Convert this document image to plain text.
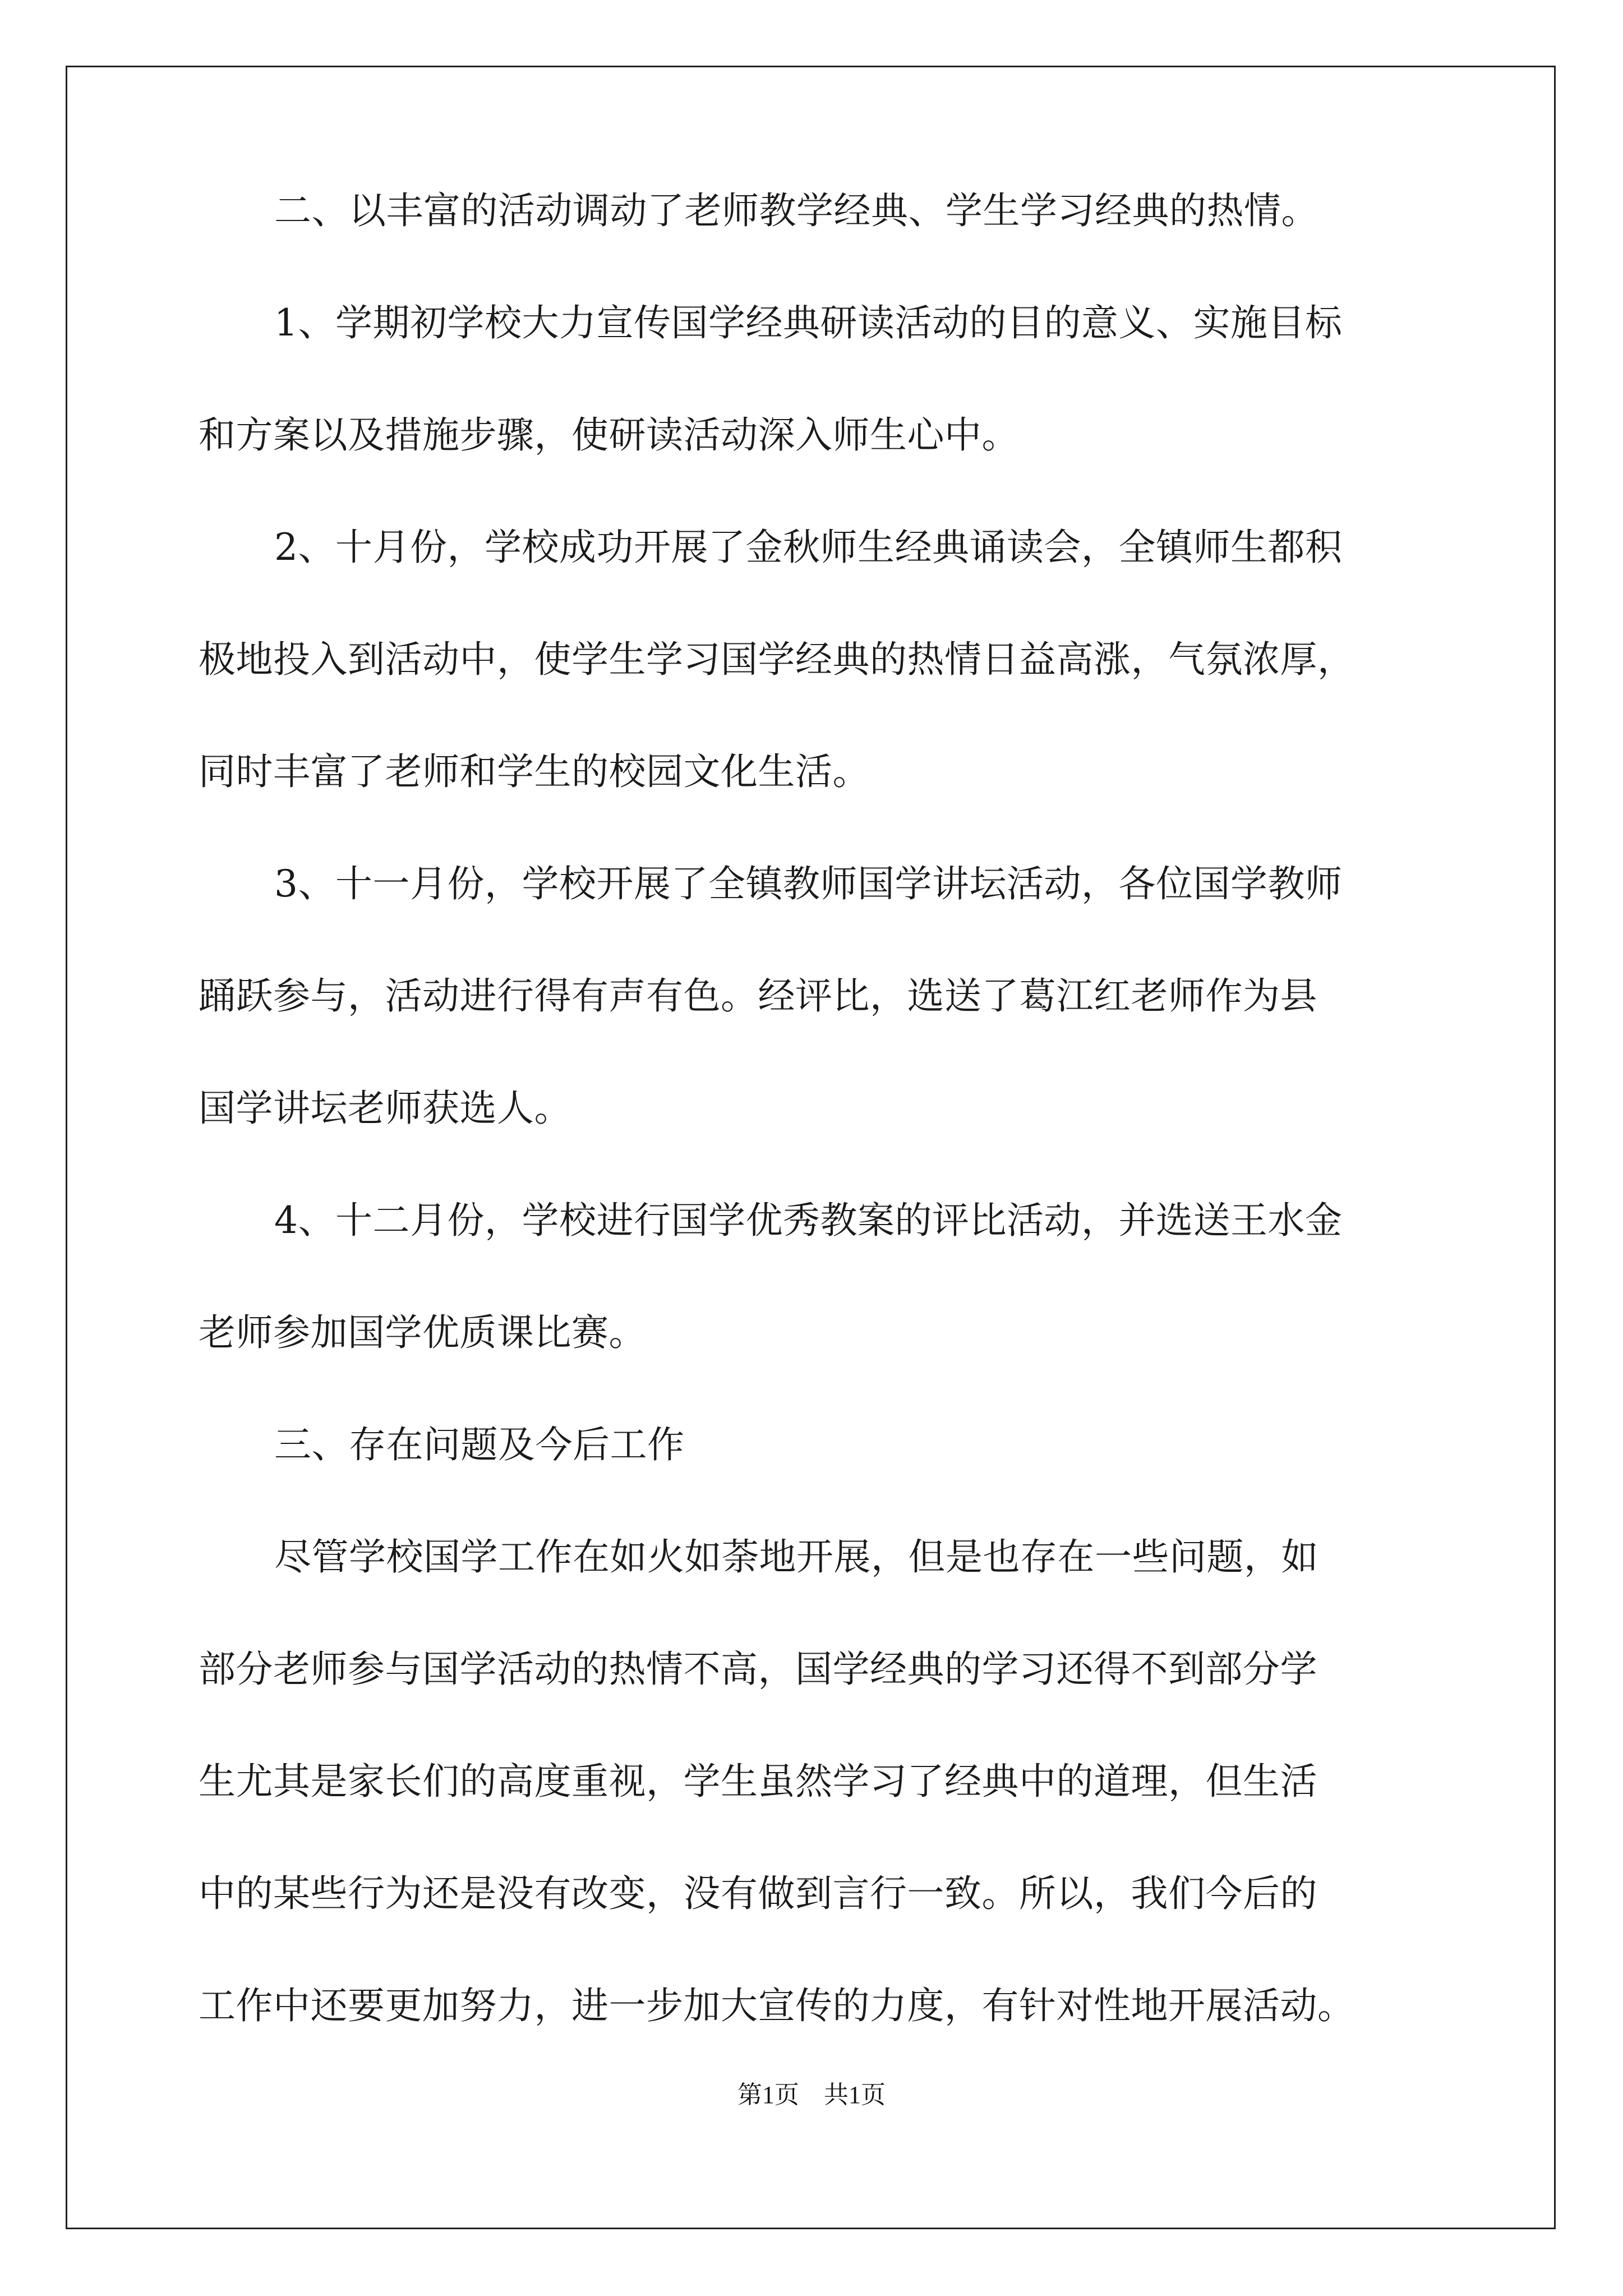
二、以丰富的活动调动了老师教学经典、学生学习经典的热情。
1、学期初学校大力宣传国学经典研读活动的目的意义、实施目标
和方案以及措施步骤，使研读活动深入师生心中。
2、十月份，学校成功开展了金秋师生经典诵读会，全镇师生都积
极地投入到活动中，使学生学习国学经典的热情日益高涨，气氛浓厚，
同时丰富了老师和学生的校园文化生活。
3、十一月份，学校开展了全镇教师国学讲坛活动，各位国学教师
踊跃参与，活动进行得有声有色。经评比，选送了葛江红老师作为县
国学讲坛老师获选人。
4、十二月份，学校进行国学优秀教案的评比活动，并选送王水金
老师参加国学优质课比赛。
三、存在问题及今后工作
尽管学校国学工作在如火如荼地开展，但是也存在一些问题，如
部分老师参与国学活动的热情不高，国学经典的学习还得不到部分学
生尤其是家长们的高度重视，学生虽然学习了经典中的道理，但生活
中的某些行为还是没有改变，没有做到言行一致。所以，我们今后的
工作中还要更加努力，进一步加大宣传的力度，有针对性地开展活动。
第1页　共1页
